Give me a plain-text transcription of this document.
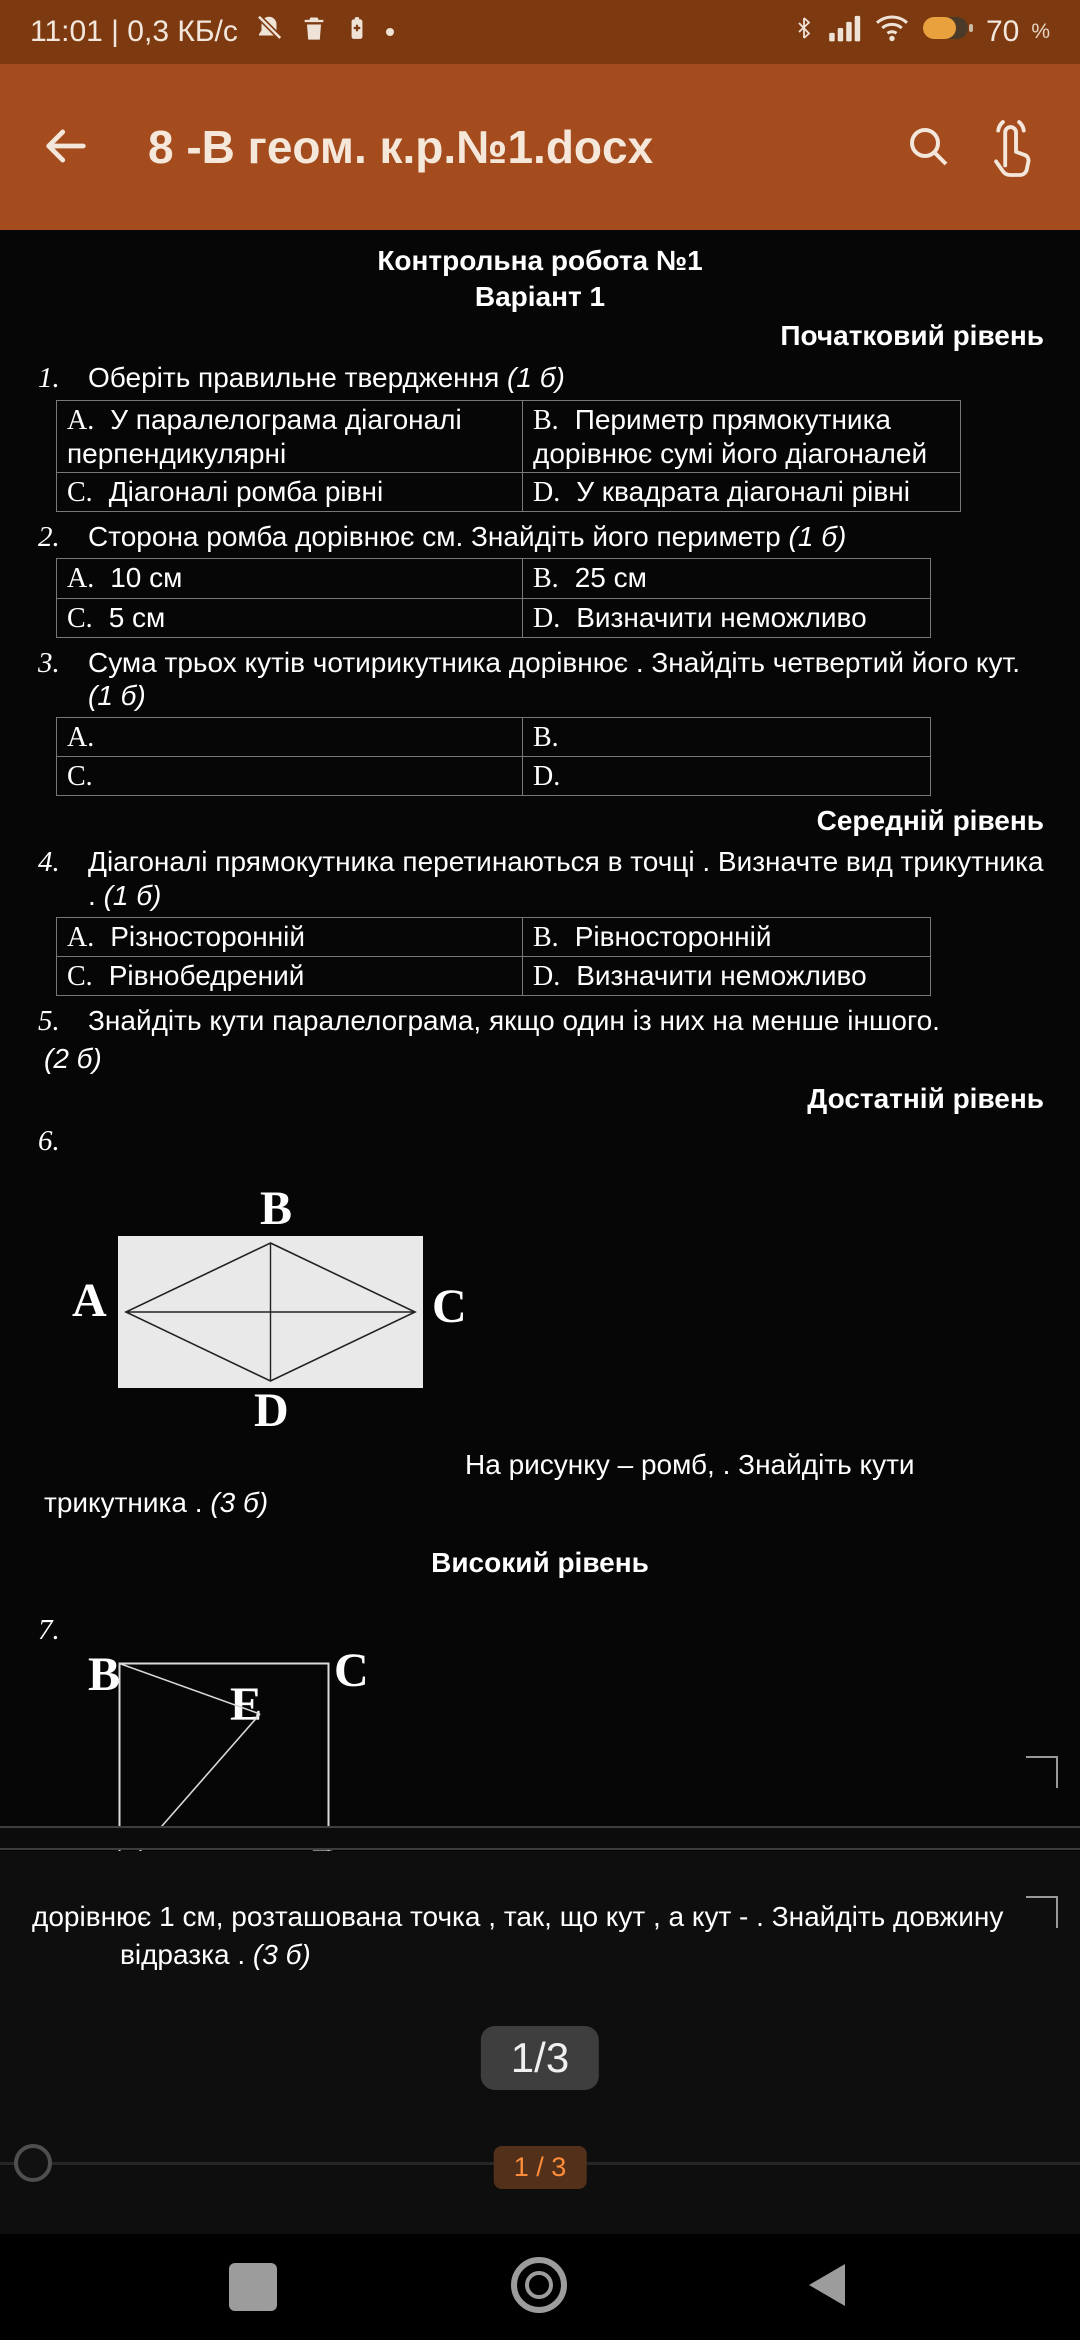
11:01 | 0,3 КБ/с	70 %
8 -В геом. к.р.№1.docx
Контрольна робота №1
Варіант 1
Початковий рівень
1.	Оберіть правильне твердження (1 б)
A. У паралелограма діагоналі перпендикулярні	B. Периметр прямокутника дорівнює сумі його діагоналей
C. Діагоналі ромба рівні	D. У квадрата діагоналі рівні
2.	Сторона ромба дорівнює см. Знайдіть його периметр (1 б)
A. 10 см	B. 25 см
C. 5 см	D. Визначити неможливо
3.	Сума трьох кутів чотирикутника дорівнює . Знайдіть четвертий його кут. (1 б)
A.	B.
C.	D.
Середній рівень
4.	Діагоналі прямокутника перетинаються в точці . Визначте вид трикутника . (1 б)
A. Різносторонній	B. Рівносторонній
C. Рівнобедрений	D. Визначити неможливо
5.	Знайдіть кути паралелограма, якщо один із них на менше іншого.
(2 б)
Достатній рівень
6.
B
A	C
D
На рисунку – ромб, . Знайдіть кути
трикутника . (3 б)
Високий рівень
7.
B	C
E
дорівнює 1 см, розташована точка , так, що кут , а кут - . Знайдіть довжину
відразка . (3 б)
1/3
1 / 3
